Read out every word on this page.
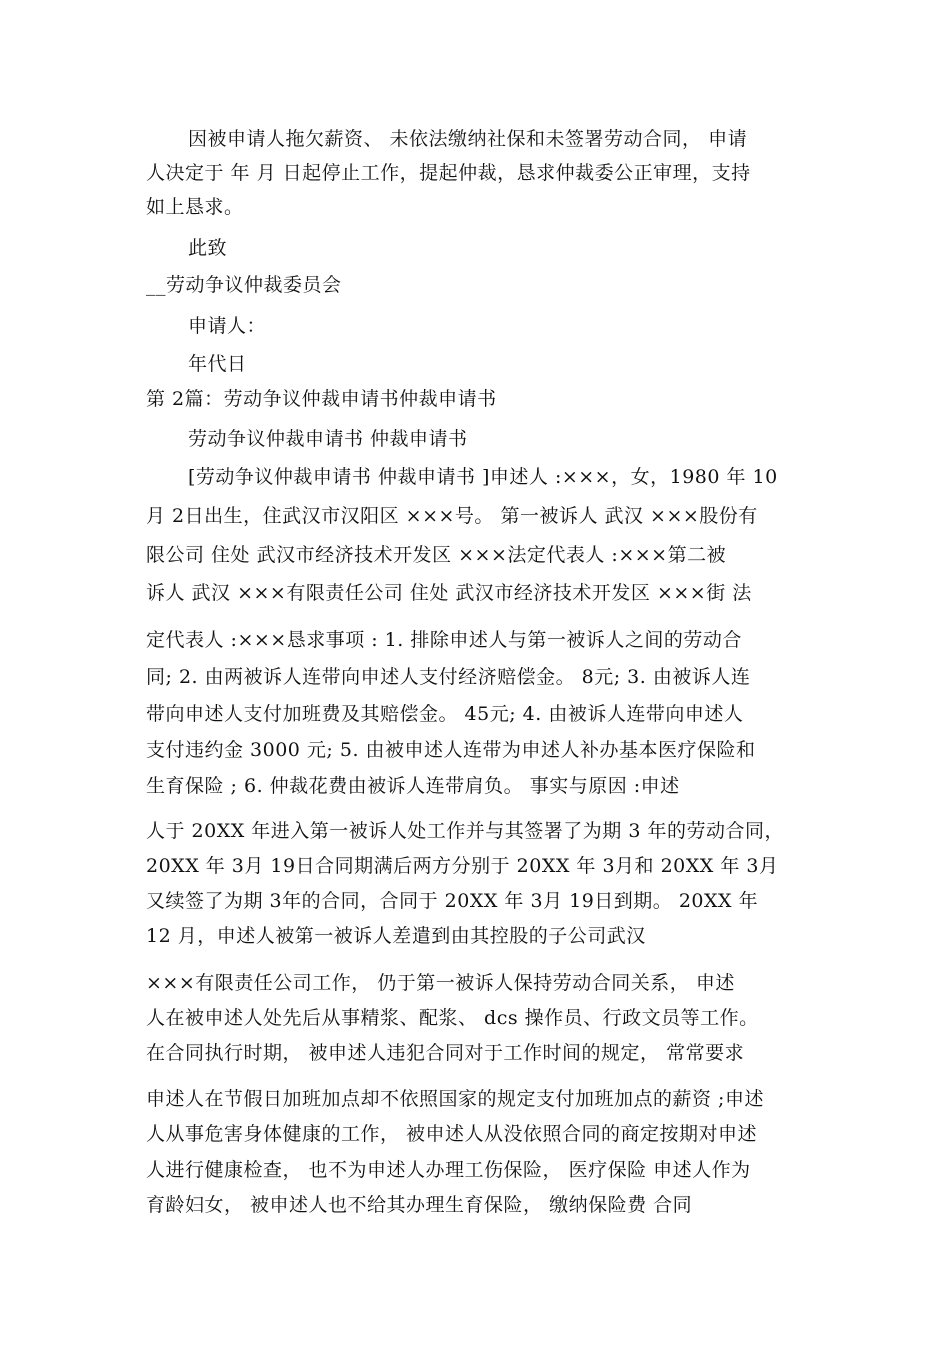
因被申请人拖欠薪资、 未依法缴纳社保和未签署劳动合同， 申请
人决定于 年 月 日起停止工作，提起仲裁，恳求仲裁委公正审理，支持
如上恳求。
此致
__劳动争议仲裁委员会
申请人：
年代日
第 2篇：劳动争议仲裁申请书仲裁申请书
劳动争议仲裁申请书 仲裁申请书
[劳动争议仲裁申请书 仲裁申请书 ]申述人 :×××，女，1980 年 10
月 2日出生，住武汉市汉阳区 ×××号。 第一被诉人 武汉 ×××股份有
限公司 住处 武汉市经济技术开发区 ×××法定代表人 :×××第二被
诉人 武汉 ×××有限责任公司 住处 武汉市经济技术开发区 ×××街 法
定代表人 :×××恳求事项 : 1. 排除申述人与第一被诉人之间的劳动合
同; 2. 由两被诉人连带向申述人支付经济赔偿金。 8元; 3. 由被诉人连
带向申述人支付加班费及其赔偿金。 45元; 4. 由被诉人连带向申述人
支付违约金 3000 元; 5. 由被申述人连带为申述人补办基本医疗保险和
生育保险 ; 6. 仲裁花费由被诉人连带肩负。 事实与原因 :申述
人于 20XX 年进入第一被诉人处工作并与其签署了为期 3 年的劳动合同，
20XX 年 3月 19日合同期满后两方分别于 20XX 年 3月和 20XX 年 3月
又续签了为期 3年的合同，合同于 20XX 年 3月 19日到期。 20XX 年
12 月，申述人被第一被诉人差遣到由其控股的子公司武汉
×××有限责任公司工作， 仍于第一被诉人保持劳动合同关系， 申述
人在被申述人处先后从事精浆、配浆、 dcs 操作员、行政文员等工作。
在合同执行时期， 被申述人违犯合同对于工作时间的规定， 常常要求
申述人在节假日加班加点却不依照国家的规定支付加班加点的薪资 ;申述
人从事危害身体健康的工作， 被申述人从没依照合同的商定按期对申述
人进行健康检查， 也不为申述人办理工伤保险， 医疗保险 申述人作为
育龄妇女， 被申述人也不给其办理生育保险， 缴纳保险费 合同
